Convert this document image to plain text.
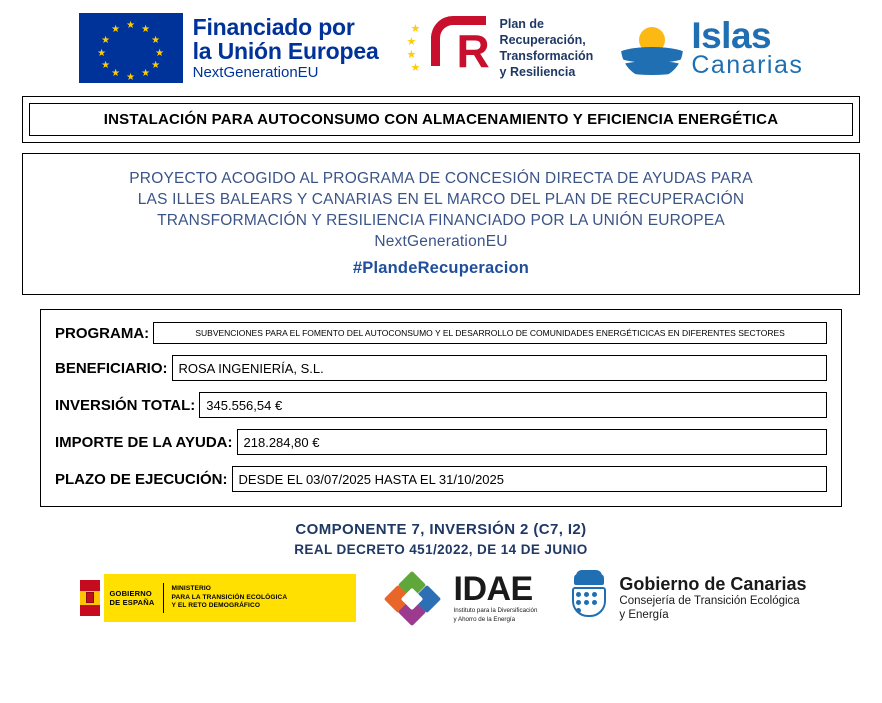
★ ★
★
★
★
★
★
★
★
★
★
★	Financiado por
la Unión Europea
NextGenerationEU
★
★
★
★ R
Plan de
Recuperación,
Transformación
y Resiliencia
Islas
Canarias
INSTALACIÓN PARA AUTOCONSUMO CON ALMACENAMIENTO Y EFICIENCIA ENERGÉTICA
PROYECTO ACOGIDO AL PROGRAMA DE CONCESIÓN DIRECTA DE AYUDAS PARA
LAS ILLES BALEARS Y CANARIAS EN EL MARCO DEL PLAN DE RECUPERACIÓN
TRANSFORMACIÓN Y RESILIENCIA FINANCIADO POR LA UNIÓN EUROPEA
NextGenerationEU
#PlandeRecuperacion
PROGRAMA:	SUBVENCIONES PARA EL FOMENTO DEL AUTOCONSUMO Y EL DESARROLLO DE COMUNIDADES ENERGÉTICICAS EN DIFERENTES SECTORES
BENEFICIARIO: ROSA INGENIERÍA, S.L.
INVERSIÓN TOTAL: 345.556,54 €
IMPORTE DE LA AYUDA: 218.284,80 €
PLAZO DE EJECUCIÓN: DESDE EL 03/07/2025 HASTA EL 31/10/2025
COMPONENTE 7, INVERSIÓN 2 (C7, I2)
REAL DECRETO 451/2022, DE 14 DE JUNIO
GOBIERNO
DE ESPAÑA
MINISTERIO
PARA LA TRANSICIÓN ECOLÓGICA
Y EL RETO DEMOGRÁFICO	IDAE
Instituto para la Diversificación
y Ahorro de la Energía
Gobierno de Canarias
Consejería de Transición Ecológica
y Energía
